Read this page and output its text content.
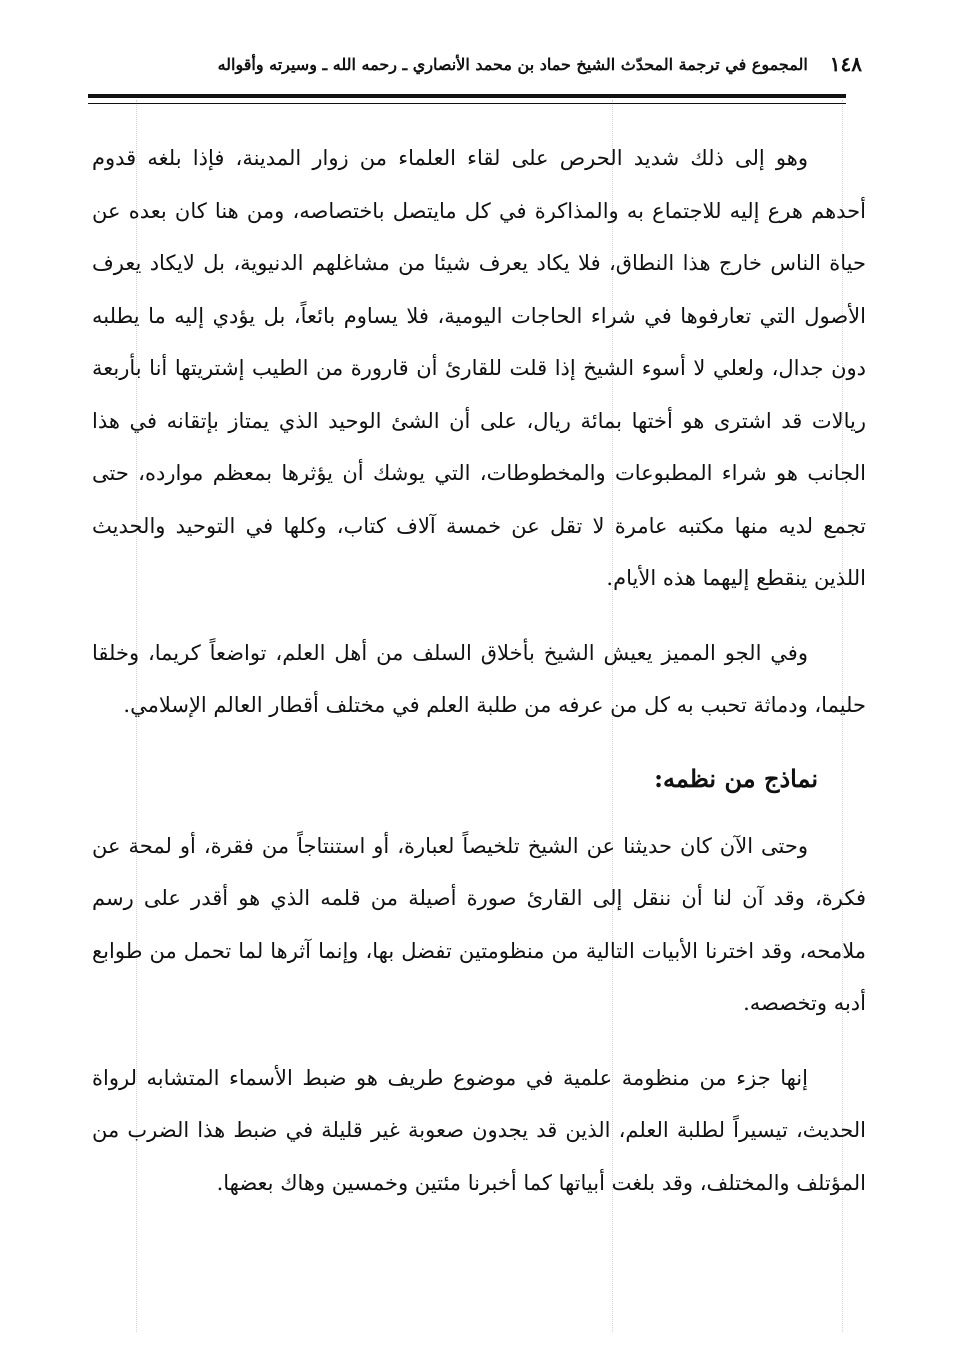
١٤٨
المجموع في ترجمة المحدّث الشيخ حماد بن محمد الأنصاري ـ رحمه الله ـ وسيرته وأقواله

وهو إلى ذلك شديد الحرص على لقاء العلماء من زوار المدينة، فإذا بلغه قدوم أحدهم هرع إليه للاجتماع به والمذاكرة في كل مايتصل باختصاصه، ومن هنا كان بعده عن حياة الناس خارج هذا النطاق، فلا يكاد يعرف شيئا من مشاغلهم الدنيوية، بل لايكاد يعرف الأصول التي تعارفوها في شراء الحاجات اليومية، فلا يساوم بائعاً، بل يؤدي إليه ما يطلبه دون جدال، ولعلي لا أسوء الشيخ إذا قلت للقارئ أن قارورة من الطيب إشتريتها أنا بأربعة ريالات قد اشترى هو أختها بمائة ريال، على أن الشئ الوحيد الذي يمتاز بإتقانه في هذا الجانب هو شراء المطبوعات والمخطوطات، التي يوشك أن يؤثرها بمعظم موارده، حتى تجمع لديه منها مكتبه عامرة لا تقل عن خمسة آلاف كتاب، وكلها في التوحيد والحديث اللذين ينقطع إليهما هذه الأيام.

وفي الجو المميز يعيش الشيخ بأخلاق السلف من أهل العلم، تواضعاً كريما، وخلقا حليما، ودماثة تحبب به كل من عرفه من طلبة العلم في مختلف أقطار العالم الإسلامي.

نماذج من نظمه:

وحتى الآن كان حديثنا عن الشيخ تلخيصاً لعبارة، أو استنتاجاً من فقرة، أو لمحة عن فكرة، وقد آن لنا أن ننقل إلى القارئ صورة أصيلة من قلمه الذي هو أقدر على رسم ملامحه، وقد اخترنا الأبيات التالية من منظومتين تفضل بها، وإنما آثرها لما تحمل من طوابع أدبه وتخصصه.

إنها جزء من منظومة علمية في موضوع طريف هو ضبط الأسماء المتشابه لرواة الحديث، تيسيراً لطلبة العلم، الذين قد يجدون صعوبة غير قليلة في ضبط هذا الضرب من المؤتلف والمختلف، وقد بلغت أبياتها كما أخبرنا مئتين وخمسين وهاك بعضها.
